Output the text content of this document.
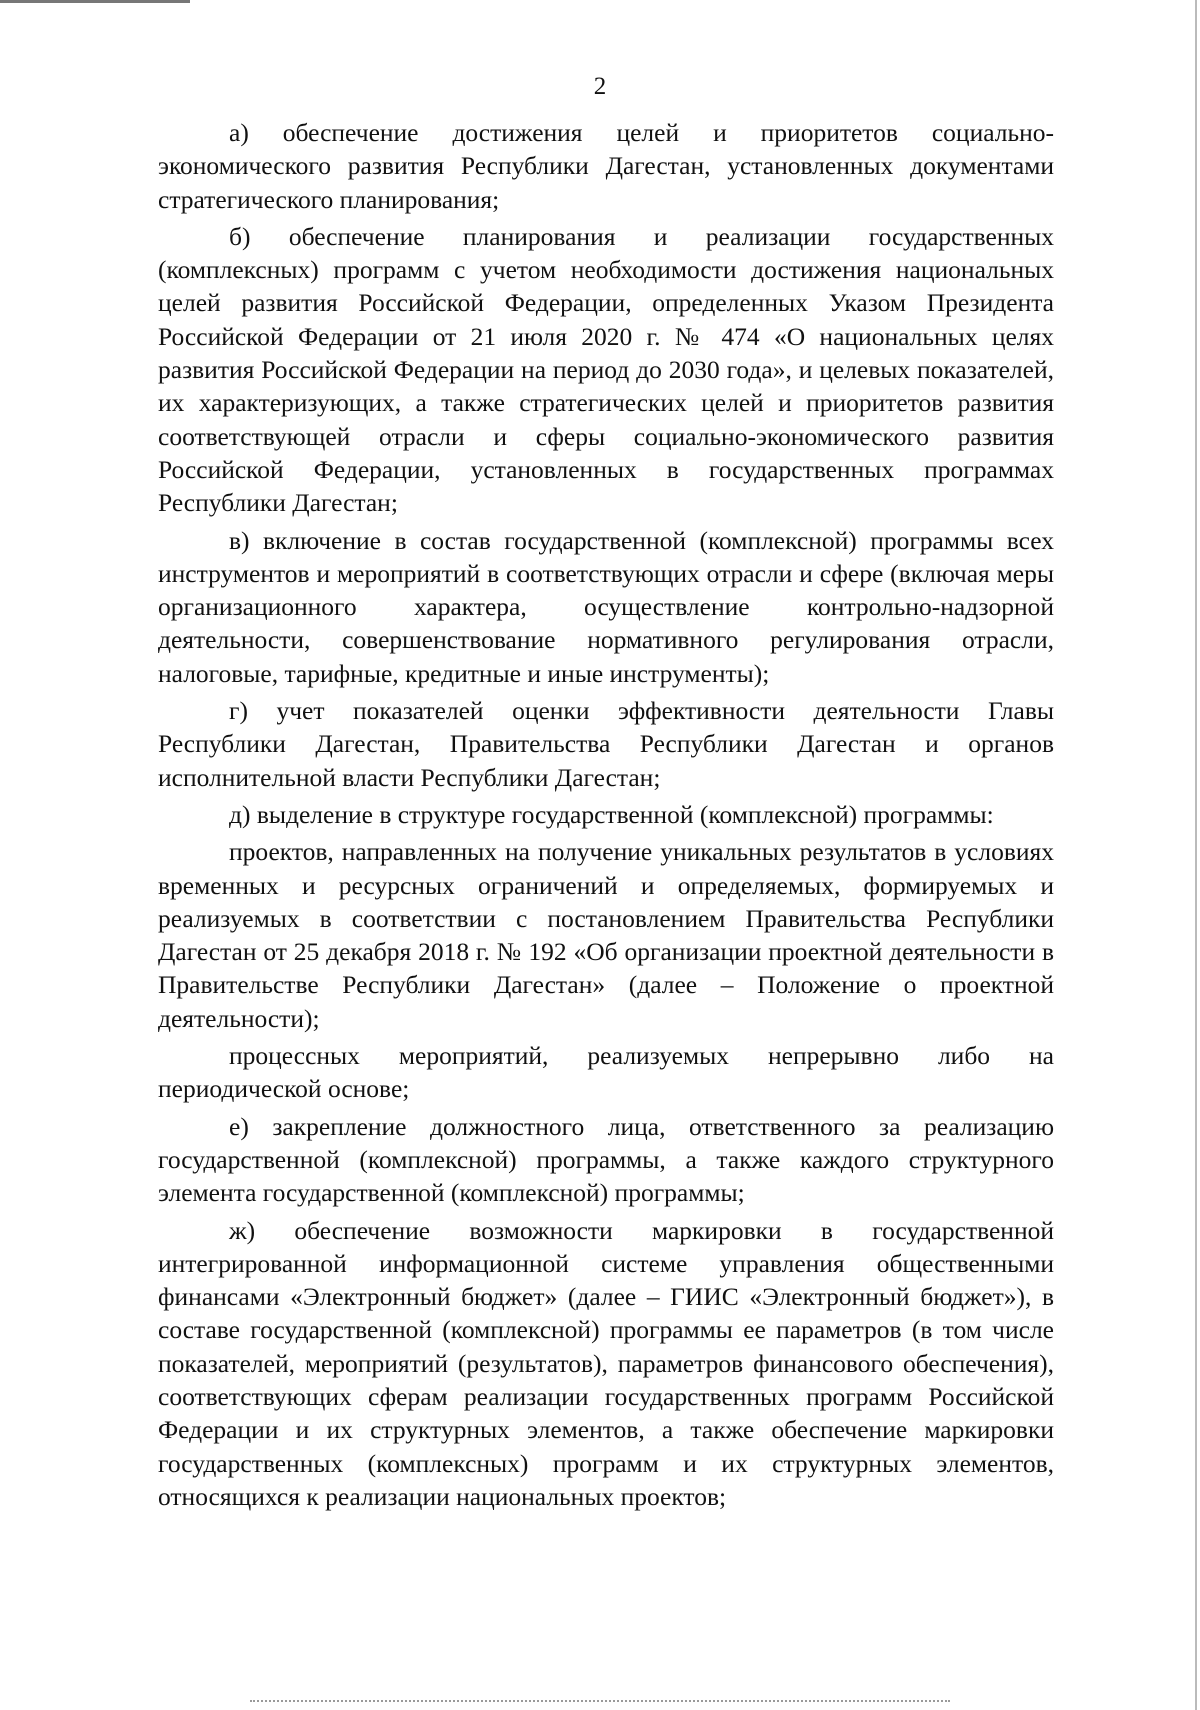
2

а) обеспечение достижения целей и приоритетов социально-экономического развития Республики Дагестан, установленных документами стратегического планирования;

б) обеспечение планирования и реализации государственных (комплексных) программ с учетом необходимости достижения национальных целей развития Российской Федерации, определенных Указом Президента Российской Федерации от 21 июля 2020 г. № 474 «О национальных целях развития Российской Федерации на период до 2030 года», и целевых показателей, их характеризующих, а также стратегических целей и приоритетов развития соответствующей отрасли и сферы социально-экономического развития Российской Федерации, установленных в государственных программах Республики Дагестан;

в) включение в состав государственной (комплексной) программы всех инструментов и мероприятий в соответствующих отрасли и сфере (включая меры организационного характера, осуществление контрольно-надзорной деятельности, совершенствование нормативного регулирования отрасли, налоговые, тарифные, кредитные и иные инструменты);

г) учет показателей оценки эффективности деятельности Главы Республики Дагестан, Правительства Республики Дагестан и органов исполнительной власти Республики Дагестан;

д) выделение в структуре государственной (комплексной) программы:

проектов, направленных на получение уникальных результатов в условиях временных и ресурсных ограничений и определяемых, формируемых и реализуемых в соответствии с постановлением Правительства Республики Дагестан от 25 декабря 2018 г. № 192 «Об организации проектной деятельности в Правительстве Республики Дагестан» (далее – Положение о проектной деятельности);

процессных мероприятий, реализуемых непрерывно либо на периодической основе;

е) закрепление должностного лица, ответственного за реализацию государственной (комплексной) программы, а также каждого структурного элемента государственной (комплексной) программы;

ж) обеспечение возможности маркировки в государственной интегрированной информационной системе управления общественными финансами «Электронный бюджет» (далее – ГИИС «Электронный бюджет»), в составе государственной (комплексной) программы ее параметров (в том числе показателей, мероприятий (результатов), параметров финансового обеспечения), соответствующих сферам реализации государственных программ Российской Федерации и их структурных элементов, а также обеспечение маркировки государственных (комплексных) программ и их структурных элементов, относящихся к реализации национальных проектов;
